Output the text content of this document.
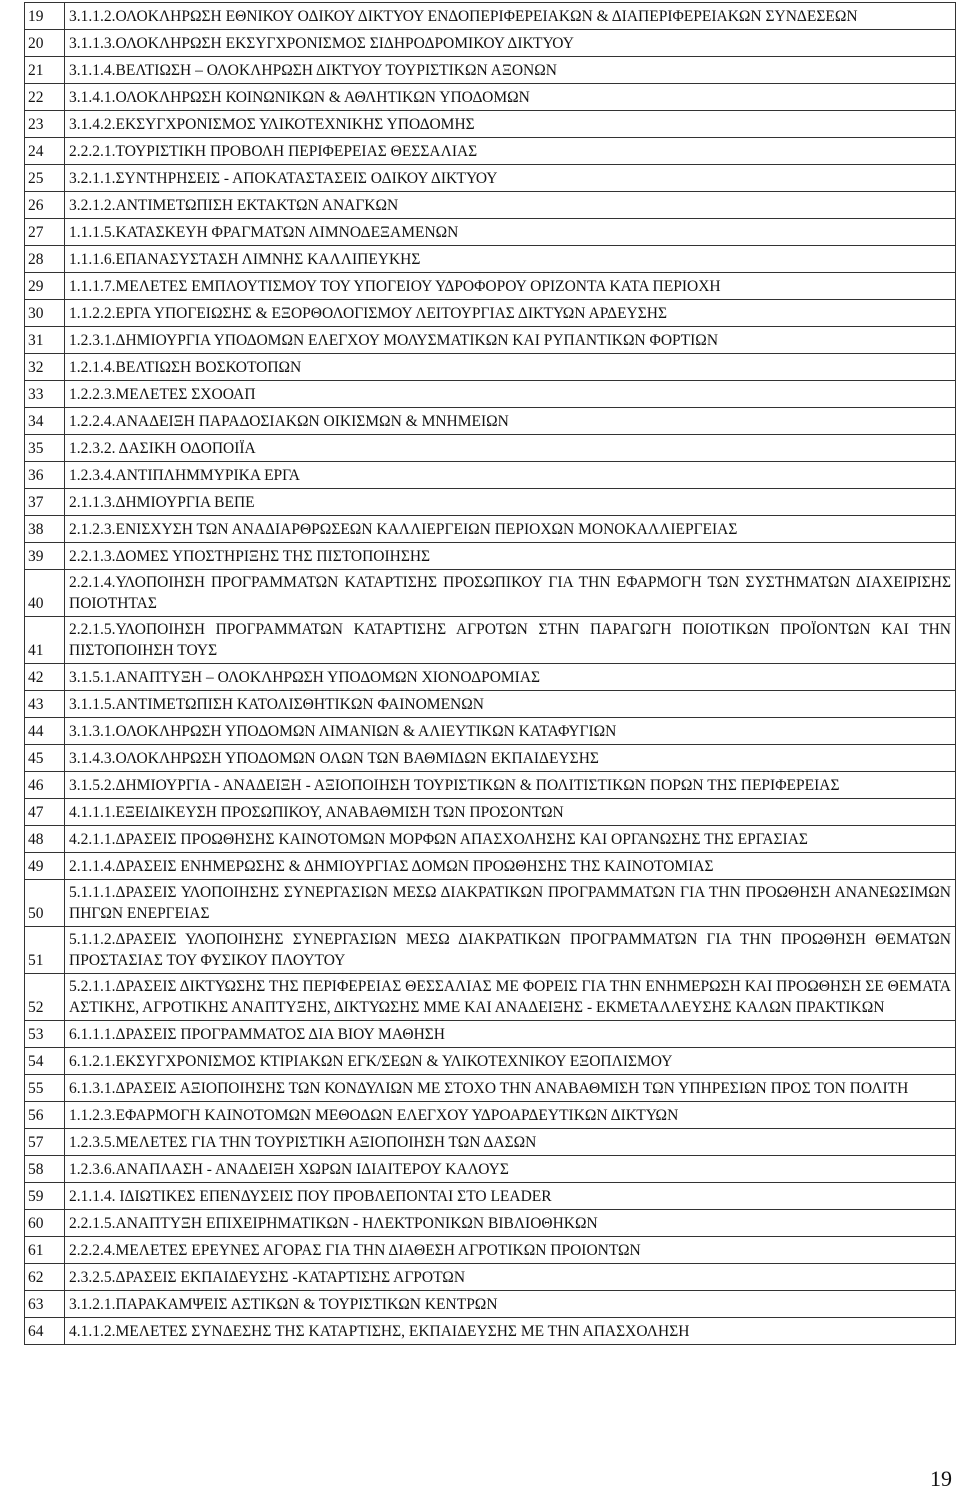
19	3.1.1.2.ΟΛΟΚΛΗΡΩΣΗ ΕΘΝΙΚΟΥ ΟΔΙΚΟΥ ΔΙΚΤΥΟΥ ΕΝΔΟΠΕΡΙΦΕΡΕΙΑΚΩΝ & ΔΙΑΠΕΡΙΦΕΡΕΙΑΚΩΝ ΣΥΝΔΕΣΕΩΝ
20	3.1.1.3.ΟΛΟΚΛΗΡΩΣΗ ΕΚΣΥΓΧΡΟΝΙΣΜΟΣ ΣΙΔΗΡΟΔΡΟΜΙΚΟΥ ΔΙΚΤΥΟΥ
21	3.1.1.4.ΒΕΛΤΙΩΣΗ – ΟΛΟΚΛΗΡΩΣΗ ΔΙΚΤΥΟΥ ΤΟΥΡΙΣΤΙΚΩΝ ΑΞΟΝΩΝ
22	3.1.4.1.ΟΛΟΚΛΗΡΩΣΗ ΚΟΙΝΩΝΙΚΩΝ & ΑΘΛΗΤΙΚΩΝ ΥΠΟΔΟΜΩΝ
23	3.1.4.2.ΕΚΣΥΓΧΡΟΝΙΣΜΟΣ ΥΛΙΚΟΤΕΧΝΙΚΗΣ ΥΠΟΔΟΜΗΣ
24	2.2.2.1.ΤΟΥΡΙΣΤΙΚΗ ΠΡΟΒΟΛΗ ΠΕΡΙΦΕΡΕΙΑΣ ΘΕΣΣΑΛΙΑΣ
25	3.2.1.1.ΣΥΝΤΗΡΗΣΕΙΣ - ΑΠΟΚΑΤΑΣΤΑΣΕΙΣ ΟΔΙΚΟΥ ΔΙΚΤΥΟΥ
26	3.2.1.2.ΑΝΤΙΜΕΤΩΠΙΣΗ ΕΚΤΑΚΤΩΝ ΑΝΑΓΚΩΝ
27	1.1.1.5.ΚΑΤΑΣΚΕΥΗ ΦΡΑΓΜΑΤΩΝ ΛΙΜΝΟΔΕΞΑΜΕΝΩΝ
28	1.1.1.6.ΕΠΑΝΑΣΥΣΤΑΣΗ ΛΙΜΝΗΣ ΚΑΛΛΙΠΕΥΚΗΣ
29	1.1.1.7.ΜΕΛΕΤΕΣ ΕΜΠΛΟΥΤΙΣΜΟΥ ΤΟΥ ΥΠΟΓΕΙΟΥ ΥΔΡΟΦΟΡΟΥ ΟΡΙΖΟΝΤΑ ΚΑΤΑ ΠΕΡΙΟΧΗ
30	1.1.2.2.ΕΡΓΑ ΥΠΟΓΕΙΩΣΗΣ & ΕΞΟΡΘΟΛΟΓΙΣΜΟΥ ΛΕΙΤΟΥΡΓΙΑΣ ΔΙΚΤΥΩΝ ΑΡΔΕΥΣΗΣ
31	1.2.3.1.ΔΗΜΙΟΥΡΓΙΑ ΥΠΟΔΟΜΩΝ ΕΛΕΓΧΟΥ ΜΟΛΥΣΜΑΤΙΚΩΝ ΚΑΙ ΡΥΠΑΝΤΙΚΩΝ ΦΟΡΤΙΩΝ
32	1.2.1.4.ΒΕΛΤΙΩΣΗ ΒΟΣΚΟΤΟΠΩΝ
33	1.2.2.3.ΜΕΛΕΤΕΣ ΣΧΟΟΑΠ
34	1.2.2.4.ΑΝΑΔΕΙΞΗ ΠΑΡΑΔΟΣΙΑΚΩΝ ΟΙΚΙΣΜΩΝ & ΜΝΗΜΕΙΩΝ
35	1.2.3.2. ΔΑΣΙΚΗ ΟΔΟΠΟΙΪΑ
36	1.2.3.4.ΑΝΤΙΠΛΗΜΜΥΡΙΚΑ ΕΡΓΑ
37	2.1.1.3.ΔΗΜΙΟΥΡΓΙΑ ΒΕΠΕ
38	2.1.2.3.ΕΝΙΣΧΥΣΗ ΤΩΝ ΑΝΑΔΙΑΡΘΡΩΣΕΩΝ ΚΑΛΛΙΕΡΓΕΙΩΝ ΠΕΡΙΟΧΩΝ ΜΟΝΟΚΑΛΛΙΕΡΓΕΙΑΣ
39	2.2.1.3.ΔΟΜΕΣ ΥΠΟΣΤΗΡΙΞΗΣ ΤΗΣ ΠΙΣΤΟΠΟΙΗΣΗΣ
40	2.2.1.4.ΥΛΟΠΟΙΗΣΗ ΠΡΟΓΡΑΜΜΑΤΩΝ ΚΑΤΑΡΤΙΣΗΣ ΠΡΟΣΩΠΙΚΟΥ ΓΙΑ ΤΗΝ ΕΦΑΡΜΟΓΗ ΤΩΝ ΣΥΣΤΗΜΑΤΩΝ ΔΙΑΧΕΙΡΙΣΗΣ ΠΟΙΟΤΗΤΑΣ
41	2.2.1.5.ΥΛΟΠΟΙΗΣΗ ΠΡΟΓΡΑΜΜΑΤΩΝ ΚΑΤΑΡΤΙΣΗΣ ΑΓΡΟΤΩΝ ΣΤΗΝ ΠΑΡΑΓΩΓΗ ΠΟΙΟΤΙΚΩΝ ΠΡΟΪΟΝΤΩΝ ΚΑΙ ΤΗΝ ΠΙΣΤΟΠΟΙΗΣΗ ΤΟΥΣ
42	3.1.5.1.ΑΝΑΠΤΥΞΗ – ΟΛΟΚΛΗΡΩΣΗ ΥΠΟΔΟΜΩΝ ΧΙΟΝΟΔΡΟΜΙΑΣ
43	3.1.1.5.ΑΝΤΙΜΕΤΩΠΙΣΗ ΚΑΤΟΛΙΣΘΗΤΙΚΩΝ ΦΑΙΝΟΜΕΝΩΝ
44	3.1.3.1.ΟΛΟΚΛΗΡΩΣΗ ΥΠΟΔΟΜΩΝ ΛΙΜΑΝΙΩΝ & ΑΛΙΕΥΤΙΚΩΝ ΚΑΤΑΦΥΓΙΩΝ
45	3.1.4.3.ΟΛΟΚΛΗΡΩΣΗ ΥΠΟΔΟΜΩΝ ΟΛΩΝ ΤΩΝ ΒΑΘΜΙΔΩΝ ΕΚΠΑΙΔΕΥΣΗΣ
46	3.1.5.2.ΔΗΜΙΟΥΡΓΙΑ - ΑΝΑΔΕΙΞΗ - ΑΞΙΟΠΟΙΗΣΗ ΤΟΥΡΙΣΤΙΚΩΝ & ΠΟΛΙΤΙΣΤΙΚΩΝ ΠΟΡΩΝ ΤΗΣ ΠΕΡΙΦΕΡΕΙΑΣ
47	4.1.1.1.ΕΞΕΙΔΙΚΕΥΣΗ ΠΡΟΣΩΠΙΚΟΥ, ΑΝΑΒΑΘΜΙΣΗ ΤΩΝ ΠΡΟΣΟΝΤΩΝ
48	4.2.1.1.ΔΡΑΣΕΙΣ ΠΡΟΩΘΗΣΗΣ ΚΑΙΝΟΤΟΜΩΝ ΜΟΡΦΩΝ ΑΠΑΣΧΟΛΗΣΗΣ ΚΑΙ ΟΡΓΑΝΩΣΗΣ ΤΗΣ ΕΡΓΑΣΙΑΣ
49	2.1.1.4.ΔΡΑΣΕΙΣ ΕΝΗΜΕΡΩΣΗΣ & ΔΗΜΙΟΥΡΓΙΑΣ ΔΟΜΩΝ ΠΡΟΩΘΗΣΗΣ ΤΗΣ ΚΑΙΝΟΤΟΜΙΑΣ
50	5.1.1.1.ΔΡΑΣΕΙΣ ΥΛΟΠΟΙΗΣΗΣ ΣΥΝΕΡΓΑΣΙΩΝ ΜΕΣΩ ΔΙΑΚΡΑΤΙΚΩΝ ΠΡΟΓΡΑΜΜΑΤΩΝ ΓΙΑ ΤΗΝ ΠΡΟΩΘΗΣΗ ΑΝΑΝΕΩΣΙΜΩΝ ΠΗΓΩΝ ΕΝΕΡΓΕΙΑΣ
51	5.1.1.2.ΔΡΑΣΕΙΣ ΥΛΟΠΟΙΗΣΗΣ ΣΥΝΕΡΓΑΣΙΩΝ ΜΕΣΩ ΔΙΑΚΡΑΤΙΚΩΝ ΠΡΟΓΡΑΜΜΑΤΩΝ ΓΙΑ ΤΗΝ ΠΡΟΩΘΗΣΗ ΘΕΜΑΤΩΝ ΠΡΟΣΤΑΣΙΑΣ ΤΟΥ ΦΥΣΙΚΟΥ ΠΛΟΥΤΟΥ
52	5.2.1.1.ΔΡΑΣΕΙΣ ΔΙΚΤΥΩΣΗΣ ΤΗΣ ΠΕΡΙΦΕΡΕΙΑΣ ΘΕΣΣΑΛΙΑΣ ΜΕ ΦΟΡΕΙΣ ΓΙΑ ΤΗΝ ΕΝΗΜΕΡΩΣΗ ΚΑΙ ΠΡΟΩΘΗΣΗ ΣΕ ΘΕΜΑΤΑ ΑΣΤΙΚΗΣ, ΑΓΡΟΤΙΚΗΣ ΑΝΑΠΤΥΞΗΣ, ΔΙΚΤΥΩΣΗΣ ΜΜΕ ΚΑΙ ΑΝΑΔΕΙΞΗΣ - ΕΚΜΕΤΑΛΛΕΥΣΗΣ ΚΑΛΩΝ ΠΡΑΚΤΙΚΩΝ
53	6.1.1.1.ΔΡΑΣΕΙΣ ΠΡΟΓΡΑΜΜΑΤΟΣ ΔΙΑ ΒΙΟΥ ΜΑΘΗΣΗ
54	6.1.2.1.ΕΚΣΥΓΧΡΟΝΙΣΜΟΣ ΚΤΙΡΙΑΚΩΝ ΕΓΚ/ΣΕΩΝ & ΥΛΙΚΟΤΕΧΝΙΚΟΥ ΕΞΟΠΛΙΣΜΟΥ
55	6.1.3.1.ΔΡΑΣΕΙΣ ΑΞΙΟΠΟΙΗΣΗΣ ΤΩΝ ΚΟΝΔΥΛΙΩΝ ΜΕ ΣΤΟΧΟ ΤΗΝ ΑΝΑΒΑΘΜΙΣΗ ΤΩΝ ΥΠΗΡΕΣΙΩΝ ΠΡΟΣ ΤΟΝ ΠΟΛΙΤΗ
56	1.1.2.3.ΕΦΑΡΜΟΓΗ ΚΑΙΝΟΤΟΜΩΝ ΜΕΘΟΔΩΝ ΕΛΕΓΧΟΥ ΥΔΡΟΑΡΔΕΥΤΙΚΩΝ ΔΙΚΤΥΩΝ
57	1.2.3.5.ΜΕΛΕΤΕΣ ΓΙΑ ΤΗΝ ΤΟΥΡΙΣΤΙΚΗ ΑΞΙΟΠΟΙΗΣΗ ΤΩΝ ΔΑΣΩΝ
58	1.2.3.6.ΑΝΑΠΛΑΣΗ - ΑΝΑΔΕΙΞΗ ΧΩΡΩΝ ΙΔΙΑΙΤΕΡΟΥ ΚΑΛΟΥΣ
59	2.1.1.4. ΙΔΙΩΤΙΚΕΣ ΕΠΕΝΔΥΣΕΙΣ ΠΟΥ ΠΡΟΒΛΕΠΟΝΤΑΙ ΣΤΟ LEADER
60	2.2.1.5.ΑΝΑΠΤΥΞΗ ΕΠΙΧΕΙΡΗΜΑΤΙΚΩΝ - ΗΛΕΚΤΡΟΝΙΚΩΝ ΒΙΒΛΙΟΘΗΚΩΝ
61	2.2.2.4.ΜΕΛΕΤΕΣ ΕΡΕΥΝΕΣ ΑΓΟΡΑΣ ΓΙΑ ΤΗΝ ΔΙΑΘΕΣΗ ΑΓΡΟΤΙΚΩΝ ΠΡΟΙΟΝΤΩΝ
62	2.3.2.5.ΔΡΑΣΕΙΣ ΕΚΠΑΙΔΕΥΣΗΣ -ΚΑΤΑΡΤΙΣΗΣ ΑΓΡΟΤΩΝ
63	3.1.2.1.ΠΑΡΑΚΑΜΨΕΙΣ ΑΣΤΙΚΩΝ & ΤΟΥΡΙΣΤΙΚΩΝ ΚΕΝΤΡΩΝ
64	4.1.1.2.ΜΕΛΕΤΕΣ ΣΥΝΔΕΣΗΣ ΤΗΣ ΚΑΤΑΡΤΙΣΗΣ, ΕΚΠΑΙΔΕΥΣΗΣ ΜΕ ΤΗΝ ΑΠΑΣΧΟΛΗΣΗ
19
